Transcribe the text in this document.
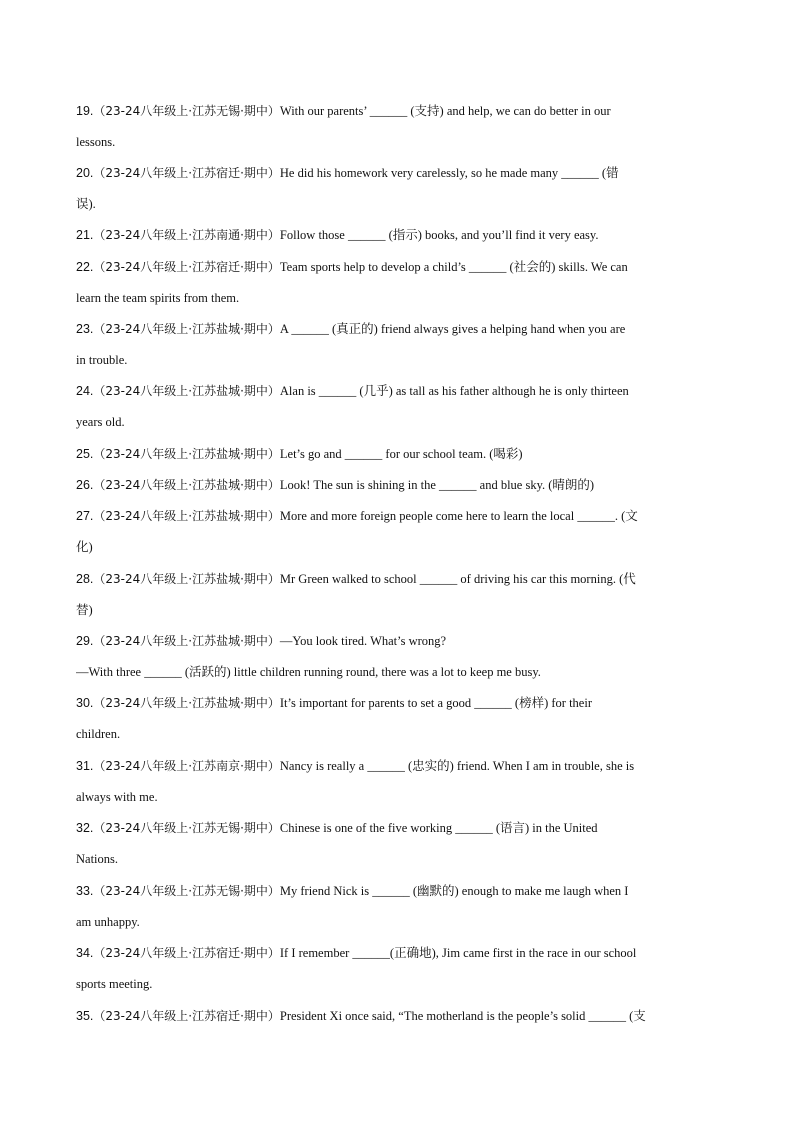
19.（23-24八年级上·江苏无锡·期中）With our parents’ ______ (支持) and help, we can do better in our
lessons.
20.（23-24八年级上·江苏宿迁·期中）He did his homework very carelessly, so he made many ______ (错
误).
21.（23-24八年级上·江苏南通·期中）Follow those ______ (指示) books, and you’ll find it very easy.
22.（23-24八年级上·江苏宿迁·期中）Team sports help to develop a child’s ______ (社会的) skills. We can
learn the team spirits from them.
23.（23-24八年级上·江苏盐城·期中）A ______ (真正的) friend always gives a helping hand when you are
in trouble.
24.（23-24八年级上·江苏盐城·期中）Alan is ______ (几乎) as tall as his father although he is only thirteen
years old.
25.（23-24八年级上·江苏盐城·期中）Let’s go and ______ for our school team. (喝彩)
26.（23-24八年级上·江苏盐城·期中）Look! The sun is shining in the ______ and blue sky. (晴朗的)
27.（23-24八年级上·江苏盐城·期中）More and more foreign people come here to learn the local ______. (文
化)
28.（23-24八年级上·江苏盐城·期中）Mr Green walked to school ______ of driving his car this morning. (代
替)
29.（23-24八年级上·江苏盐城·期中）—You look tired. What’s wrong?
—With three ______ (活跃的) little children running round, there was a lot to keep me busy.
30.（23-24八年级上·江苏盐城·期中）It’s important for parents to set a good ______ (榜样) for their
children.
31.（23-24八年级上·江苏南京·期中）Nancy is really a ______ (忠实的) friend. When I am in trouble, she is
always with me.
32.（23-24八年级上·江苏无锡·期中）Chinese is one of the five working ______ (语言) in the United
Nations.
33.（23-24八年级上·江苏无锡·期中）My friend Nick is ______ (幽默的) enough to make me laugh when I
am unhappy.
34.（23-24八年级上·江苏宿迁·期中）If I remember ______(正确地), Jim came first in the race in our school
sports meeting.
35.（23-24八年级上·江苏宿迁·期中）President Xi once said, “The motherland is the people’s solid ______ (支
